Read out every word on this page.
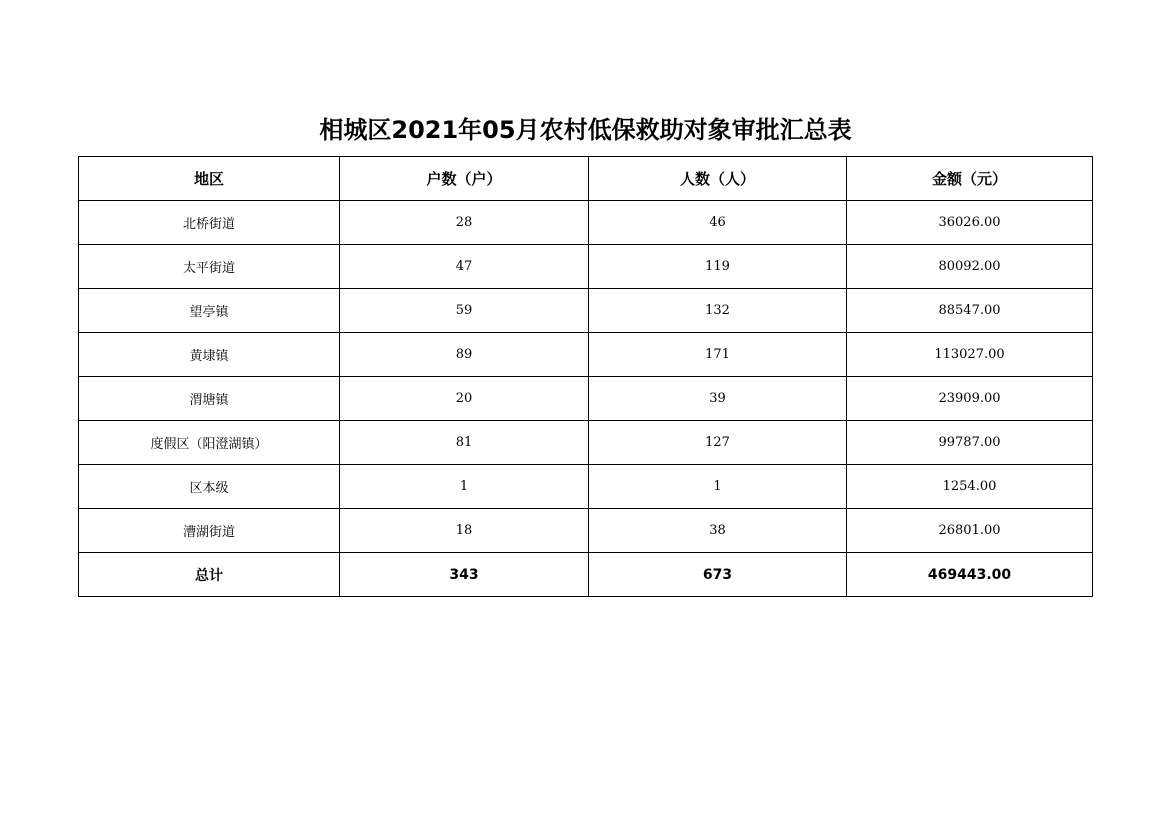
相城区2021年05月农村低保救助对象审批汇总表
地区	户数（户）	人数（人）	金额（元）
北桥街道	28	46	36026.00
太平街道	47	119	80092.00
望亭镇	59	132	88547.00
黄埭镇	89	171	113027.00
渭塘镇	20	39	23909.00
度假区（阳澄湖镇）	81	127	99787.00
区本级	1	1	1254.00
漕湖街道	18	38	26801.00
总计	343	673	469443.00
